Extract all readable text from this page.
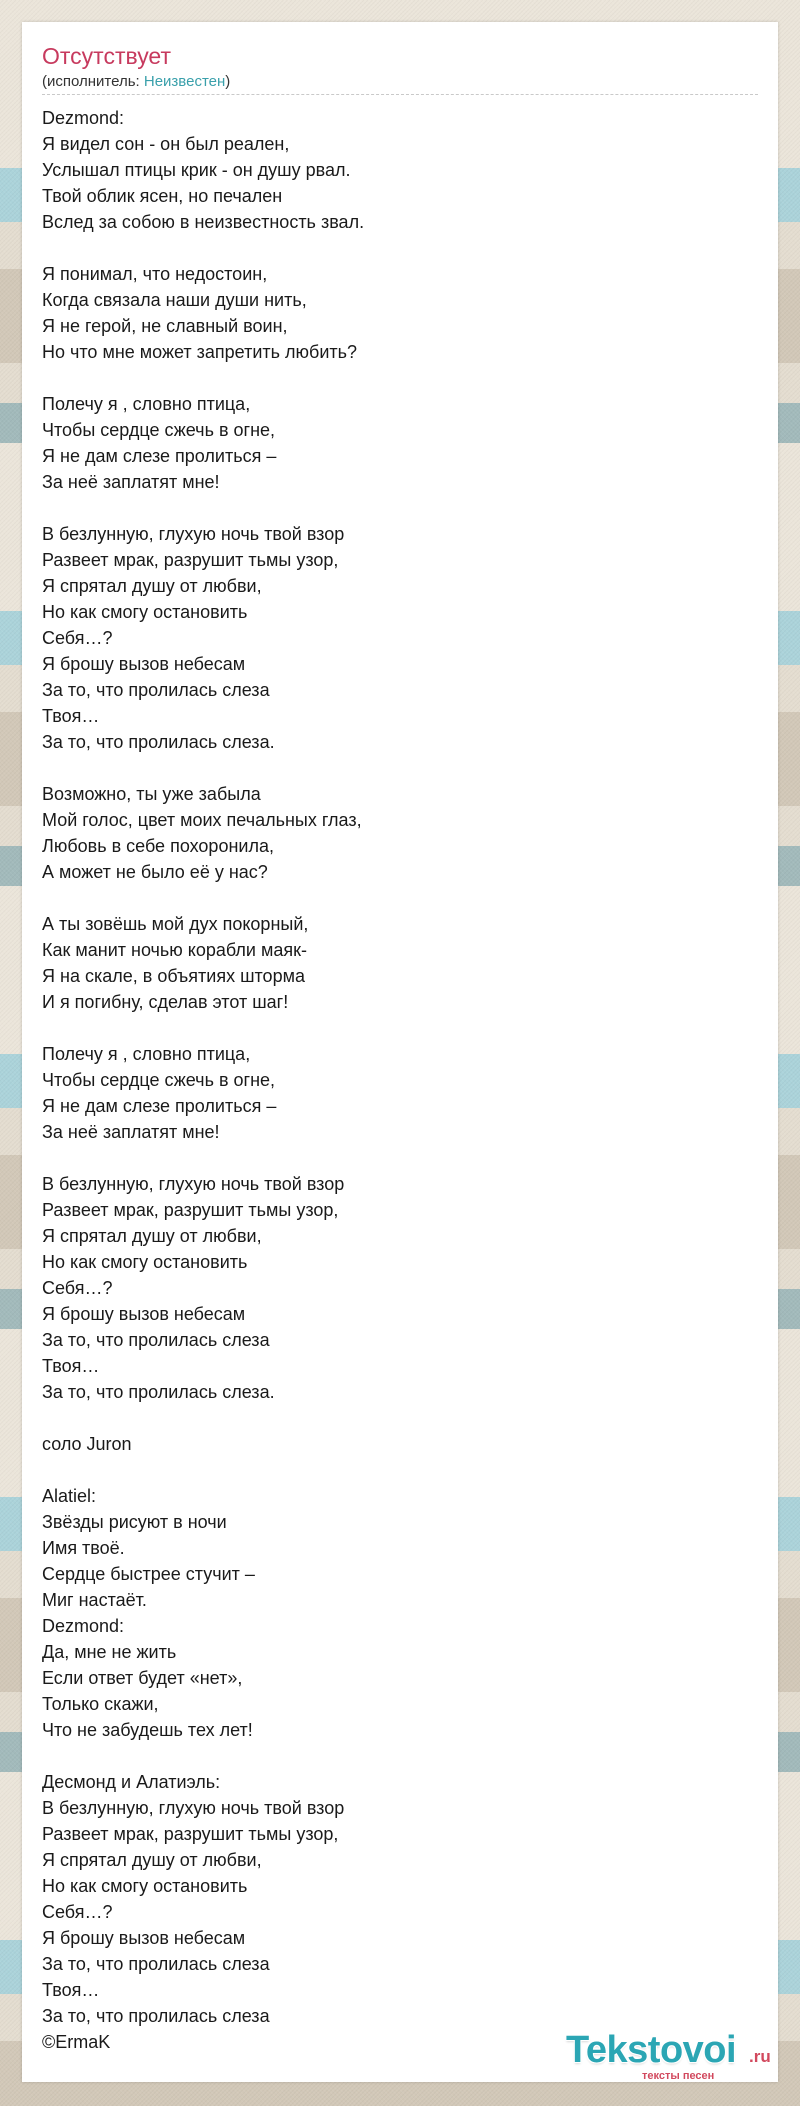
Отсутствует
(исполнитель: Неизвестен)
Dezmond:
Я видел сон - он был реален,
Услышал птицы крик - он душу рвал.
Твой облик ясен, но печален
Вслед за собою в неизвестность звал.
Я понимал, что недостоин,
Когда связала наши души нить,
Я не герой, не славный воин,
Но что мне может запретить любить?
Полечу я , словно птица,
Чтобы сердце сжечь в огне,
Я не дам слезе пролиться –
За неё заплатят мне!
В безлунную, глухую ночь твой взор
Развеет мрак, разрушит тьмы узор,
Я спрятал душу от любви,
Но как смогу остановить
Себя…?
Я брошу вызов небесам
За то, что пролилась слеза
Твоя…
За то, что пролилась слеза.
Возможно, ты уже забыла
Мой голос, цвет моих печальных глаз,
Любовь в себе похоронила,
А может не было её у нас?
А ты зовёшь мой дух покорный,
Как манит ночью корабли маяк-
Я на скале, в объятиях шторма
И я погибну, сделав этот шаг!
Полечу я , словно птица,
Чтобы сердце сжечь в огне,
Я не дам слезе пролиться –
За неё заплатят мне!
В безлунную, глухую ночь твой взор
Развеет мрак, разрушит тьмы узор,
Я спрятал душу от любви,
Но как смогу остановить
Себя…?
Я брошу вызов небесам
За то, что пролилась слеза
Твоя…
За то, что пролилась слеза.
соло Juron
Alatiel:
Звёзды рисуют в ночи
Имя твоё.
Сердце быстрее стучит –
Миг настаёт.
Dezmond:
Да, мне не жить
Если ответ будет «нет»,
Только скажи,
Что не забудешь тех лет!
Десмонд и Алатиэль:
В безлунную, глухую ночь твой взор
Развеет мрак, разрушит тьмы узор,
Я спрятал душу от любви,
Но как смогу остановить
Себя…?
Я брошу вызов небесам
За то, что пролилась слеза
Твоя…
За то, что пролилась слеза
©ErmaK	Tekstovoi .ru
тексты песен
